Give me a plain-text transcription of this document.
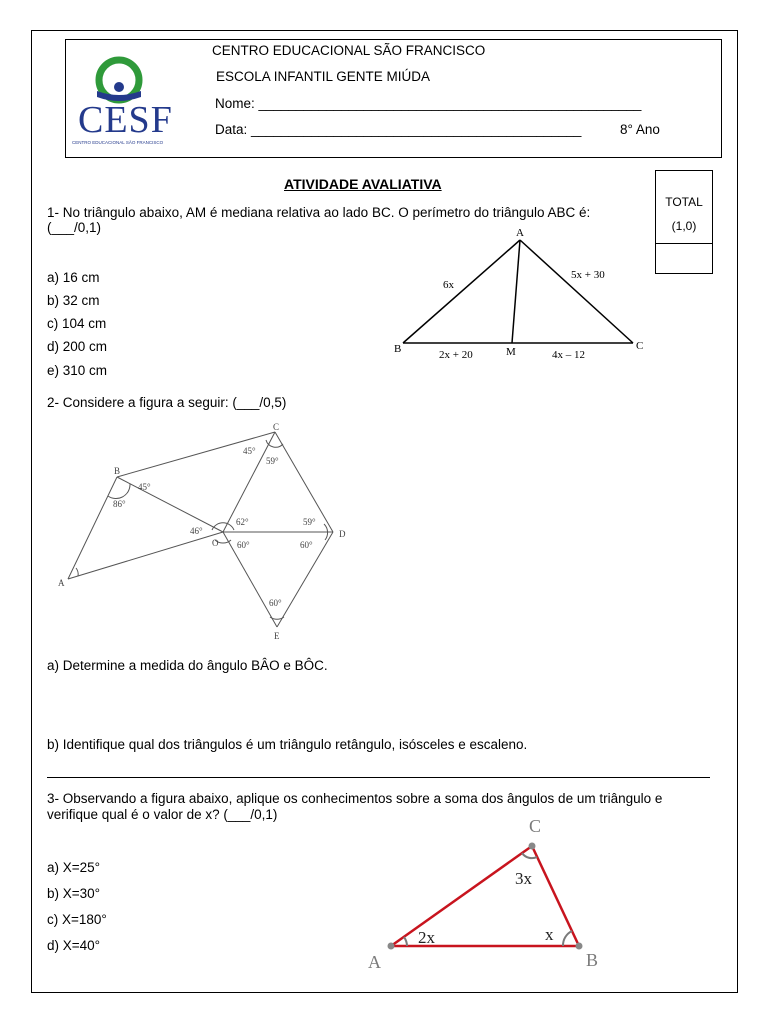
CESF
CENTRO EDUCACIONAL SÃO FRANCISCO
CENTRO EDUCACIONAL SÃO FRANCISCO
ESCOLA INFANTIL GENTE MIÚDA
Nome: ___________________________________________________
Data: ____________________________________________	8° Ano
ATIVIDADE AVALIATIVA
TOTAL
(1,0)
1- No triângulo abaixo, AM é mediana relativa ao lado BC. O perímetro do triângulo ABC é:
(___/0,1)
a) 16 cm
b) 32 cm
c) 104 cm
d) 200 cm
e) 310 cm
A
B	C
M
6x
5x + 30
2x + 20	4x – 12
2- Considere a figura a seguir: (___/0,5)
A
B
C
D
E
O
45°
86°
45°
59°
46°
62°
60°	60°
59°
60°
a) Determine a medida do ângulo BÂO e BÔC.
b) Identifique qual dos triângulos é um triângulo retângulo, isósceles e escaleno.
3- Observando a figura abaixo, aplique os conhecimentos sobre a soma dos ângulos de um triângulo e
verifique qual é o valor de x? (___/0,1)
a) X=25°
b) X=30°
c) X=180°
d) X=40°
A	B
C
2x	x
3x
